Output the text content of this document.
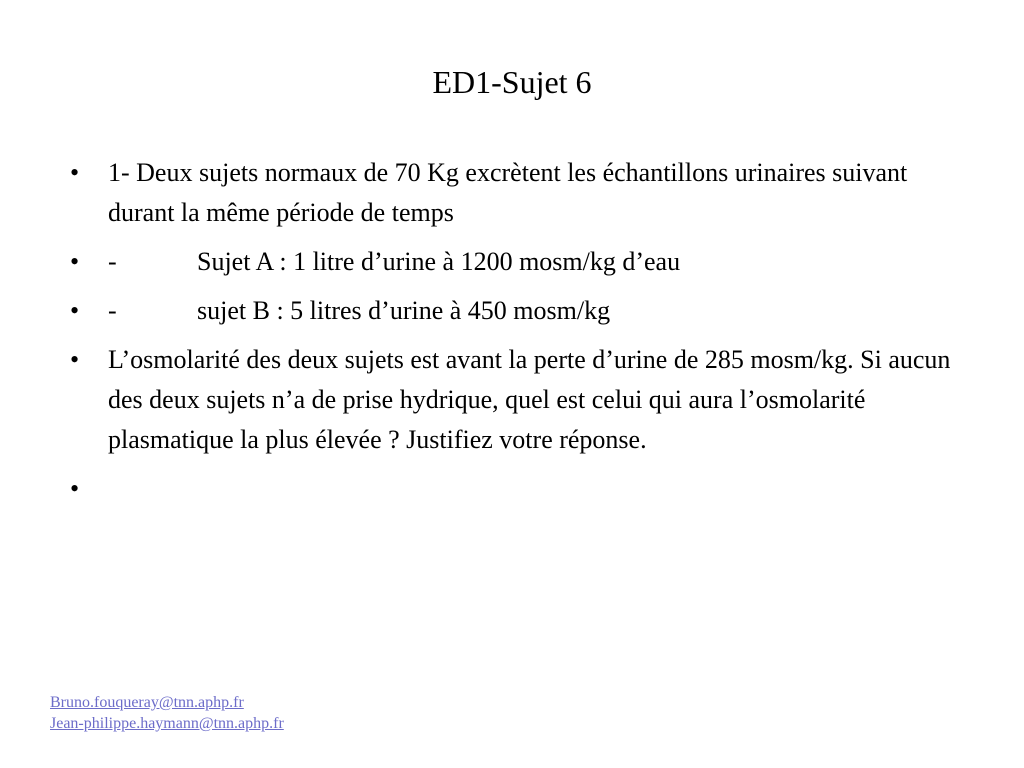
ED1-Sujet 6
•	1- Deux sujets normaux de 70 Kg excrètent les échantillons urinaires suivant durant la même période de temps
•	-	Sujet A : 1 litre d’urine à 1200 mosm/kg d’eau
•	-	sujet B : 5 litres d’urine à 450 mosm/kg
•	L’osmolarité des deux sujets est avant la perte d’urine de 285 mosm/kg. Si aucun des deux sujets n’a de prise hydrique, quel est celui qui aura l’osmolarité plasmatique la plus élevée ? Justifiez votre réponse.
•
Bruno.fouqueray@tnn.aphp.fr
Jean-philippe.haymann@tnn.aphp.fr
